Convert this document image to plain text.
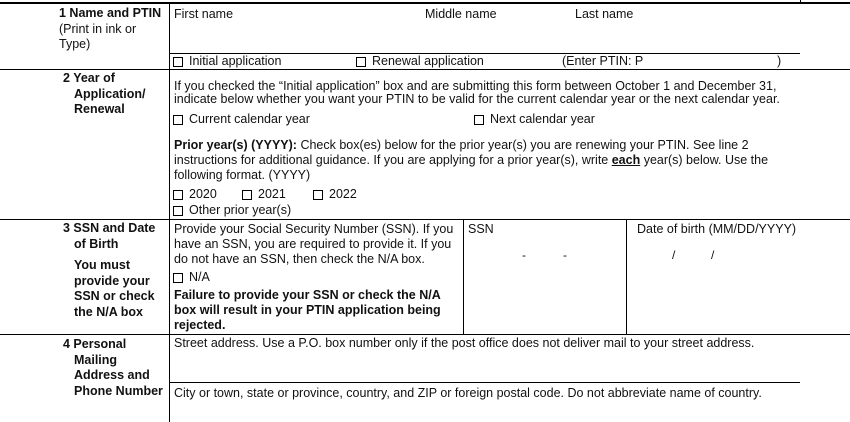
1 Name and PTIN
(Print in ink or
Type)
First name	Middle name	Last name
Initial application	Renewal application	(Enter PTIN: P	)
2 Year of
Application/
Renewal
If you checked the “Initial application” box and are submitting this form between October 1 and December 31,
indicate below whether you want your PTIN to be valid for the current calendar year or the next calendar year.
Current calendar year	Next calendar year
Prior year(s) (YYYY): Check box(es) below for the prior year(s) you are renewing your PTIN. See line 2
instructions for additional guidance. If you are applying for a prior year(s), write each year(s) below. Use the
following format. (YYYY)
2020	2021	2022
Other prior year(s)
3 SSN and Date
of Birth
You must
provide your
SSN or check
the N/A box
Provide your Social Security Number (SSN). If you
have an SSN, you are required to provide it. If you
do not have an SSN, then check the N/A box.
N/A
Failure to provide your SSN or check the N/A
box will result in your PTIN application being
rejected.
SSN
-	-
Date of birth (MM/DD/YYYY)
/	/
4 Personal
Mailing
Address and
Phone Number
Street address. Use a P.O. box number only if the post office does not deliver mail to your street address.
City or town, state or province, country, and ZIP or foreign postal code. Do not abbreviate name of country.
